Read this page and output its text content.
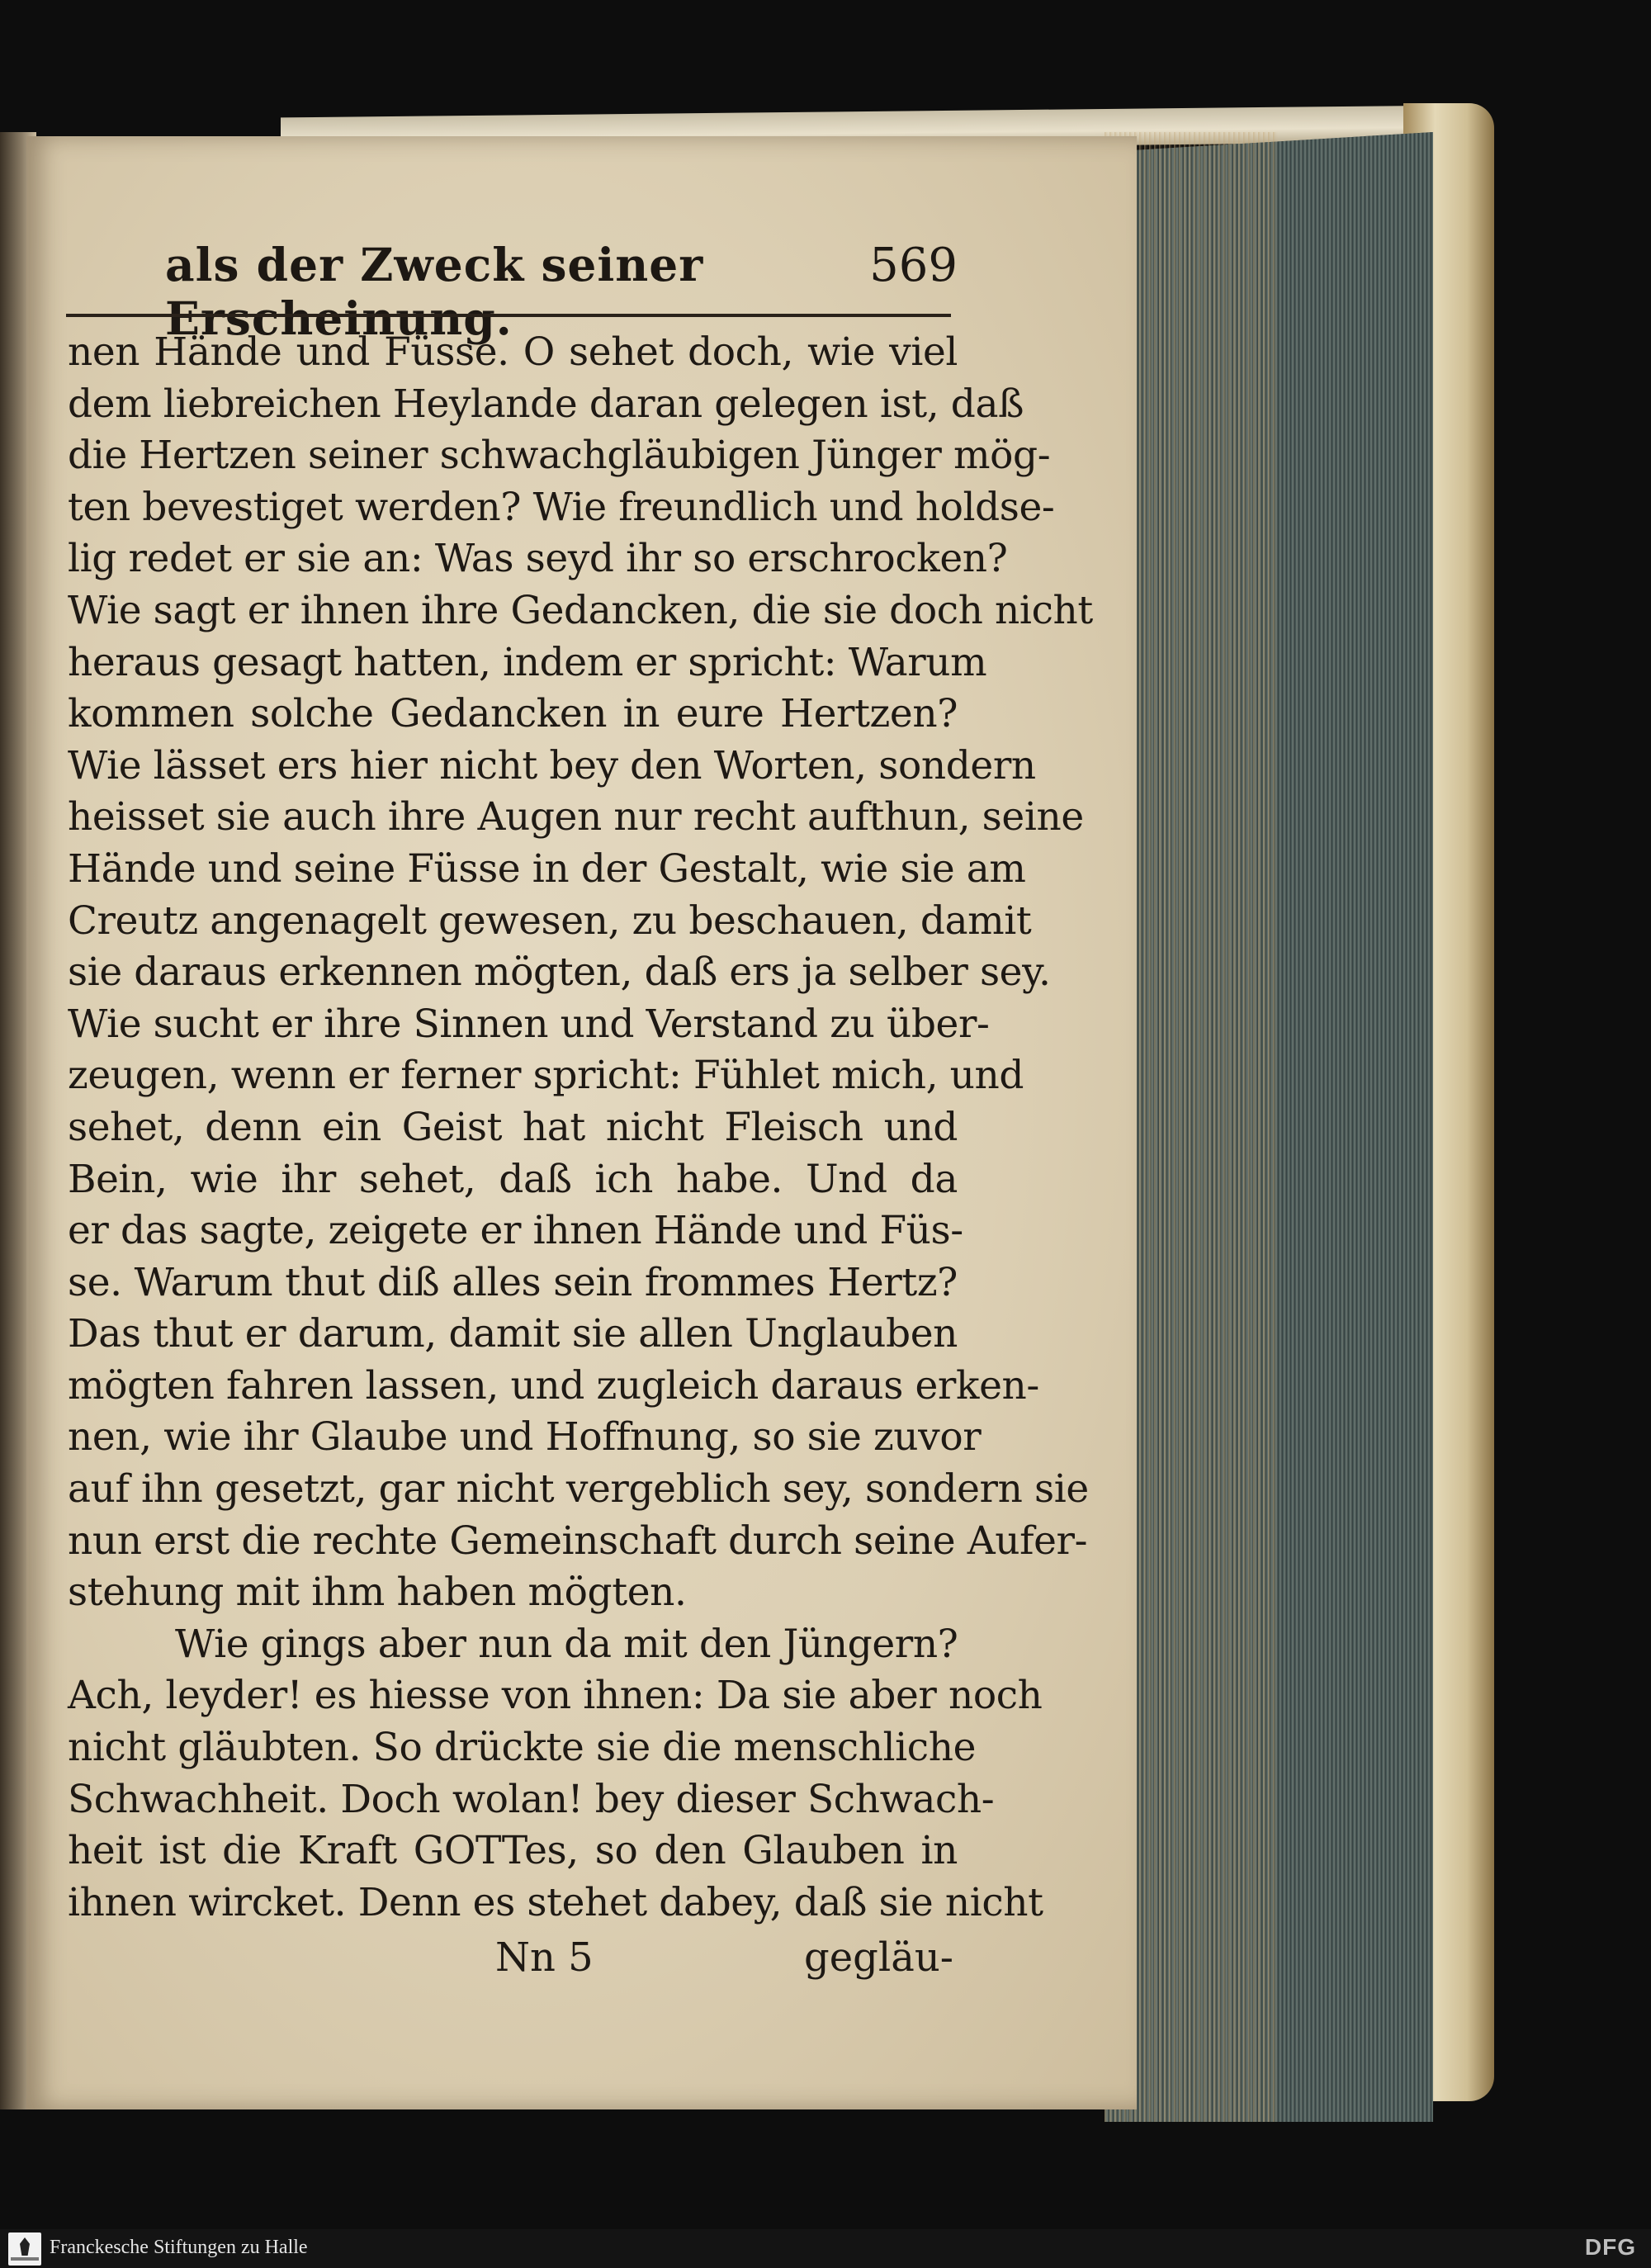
als der Zweck seiner Erscheinung.
569
nen Hände und Füsse. O sehet doch, wie viel
dem liebreichen Heylande daran gelegen ist, daß
die Hertzen seiner schwachgläubigen Jünger mög-
ten bevestiget werden? Wie freundlich und holdse-
lig redet er sie an: Was seyd ihr so erschrocken?
Wie sagt er ihnen ihre Gedancken, die sie doch nicht
heraus gesagt hatten, indem er spricht: Warum
kommen solche Gedancken in eure Hertzen?
Wie lässet ers hier nicht bey den Worten, sondern
heisset sie auch ihre Augen nur recht aufthun, seine
Hände und seine Füsse in der Gestalt, wie sie am
Creutz angenagelt gewesen, zu beschauen, damit
sie daraus erkennen mögten, daß ers ja selber sey.
Wie sucht er ihre Sinnen und Verstand zu über-
zeugen, wenn er ferner spricht: Fühlet mich, und
sehet, denn ein Geist hat nicht Fleisch und
Bein, wie ihr sehet, daß ich habe. Und da
er das sagte, zeigete er ihnen Hände und Füs-
se. Warum thut diß alles sein frommes Hertz?
Das thut er darum, damit sie allen Unglauben
mögten fahren lassen, und zugleich daraus erken-
nen, wie ihr Glaube und Hoffnung, so sie zuvor
auf ihn gesetzt, gar nicht vergeblich sey, sondern sie
nun erst die rechte Gemeinschaft durch seine Aufer-
stehung mit ihm haben mögten.
Wie gings aber nun da mit den Jüngern?
Ach, leyder! es hiesse von ihnen: Da sie aber noch
nicht gläubten. So drückte sie die menschliche
Schwachheit. Doch wolan! bey dieser Schwach-
heit ist die Kraft GOTTes, so den Glauben in
ihnen wircket. Denn es stehet dabey, daß sie nicht
Nn 5	gegläu-
Franckesche Stiftungen zu Halle	DFG
